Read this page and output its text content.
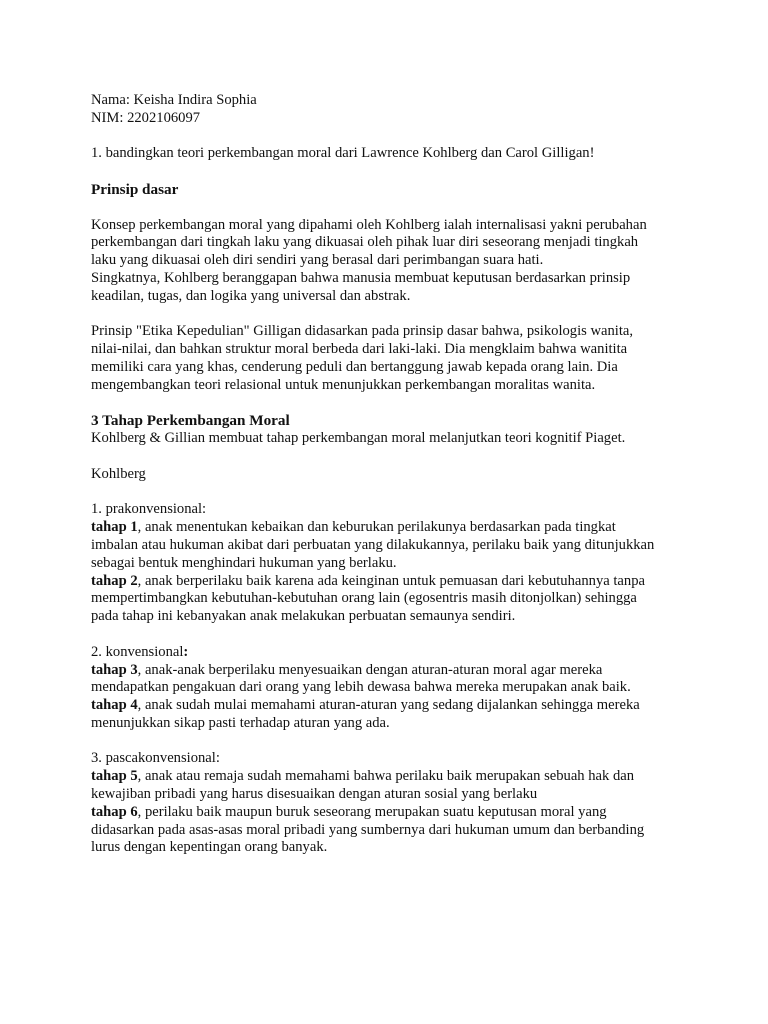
Nama: Keisha Indira Sophia

NIM: 2202106097

1. bandingkan teori perkembangan moral dari Lawrence Kohlberg dan Carol Gilligan!

Prinsip dasar

Konsep perkembangan moral yang dipahami oleh Kohlberg ialah internalisasi yakni perubahan
perkembangan dari tingkah laku yang dikuasai oleh pihak luar diri seseorang menjadi tingkah
laku yang dikuasai oleh diri sendiri yang berasal dari perimbangan suara hati.
Singkatnya, Kohlberg beranggapan bahwa manusia membuat keputusan berdasarkan prinsip
keadilan, tugas, dan logika yang universal dan abstrak.

Prinsip "Etika Kepedulian" Gilligan didasarkan pada prinsip dasar bahwa, psikologis wanita,
nilai-nilai, dan bahkan struktur moral berbeda dari laki-laki. Dia mengklaim bahwa wanitita
memiliki cara yang khas, cenderung peduli dan bertanggung jawab kepada orang lain. Dia
mengembangkan teori relasional untuk menunjukkan perkembangan moralitas wanita.

3 Tahap Perkembangan Moral

Kohlberg & Gillian membuat tahap perkembangan moral melanjutkan teori kognitif Piaget.

Kohlberg

1. prakonvensional:

tahap 1, anak menentukan kebaikan dan keburukan perilakunya berdasarkan pada tingkat
imbalan atau hukuman akibat dari perbuatan yang dilakukannya, perilaku baik yang ditunjukkan
sebagai bentuk menghindari hukuman yang berlaku.

tahap 2, anak berperilaku baik karena ada keinginan untuk pemuasan dari kebutuhannya tanpa
mempertimbangkan kebutuhan-kebutuhan orang lain (egosentris masih ditonjolkan) sehingga
pada tahap ini kebanyakan anak melakukan perbuatan semaunya sendiri.

2. konvensional:

tahap 3, anak-anak berperilaku menyesuaikan dengan aturan-aturan moral agar mereka
mendapatkan pengakuan dari orang yang lebih dewasa bahwa mereka merupakan anak baik.

tahap 4, anak sudah mulai memahami aturan-aturan yang sedang dijalankan sehingga mereka
menunjukkan sikap pasti terhadap aturan yang ada.

3. pascakonvensional:

tahap 5, anak atau remaja sudah memahami bahwa perilaku baik merupakan sebuah hak dan
kewajiban pribadi yang harus disesuaikan dengan aturan sosial yang berlaku

tahap 6, perilaku baik maupun buruk seseorang merupakan suatu keputusan moral yang
didasarkan pada asas-asas moral pribadi yang sumbernya dari hukuman umum dan berbanding
lurus dengan kepentingan orang banyak.
